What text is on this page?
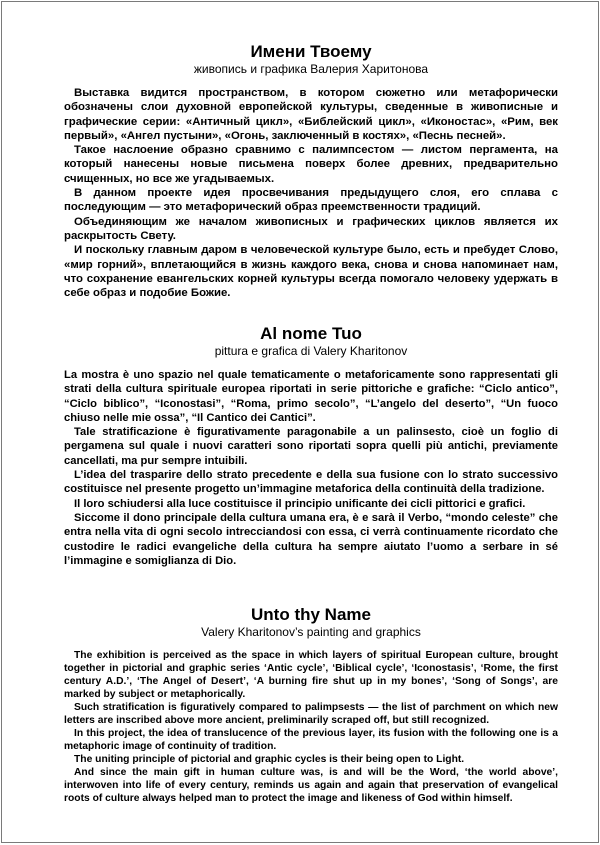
Имени Твоему
живопись и графика Валерия Харитонова

Выставка видится пространством, в котором сюжетно или метафорически обозначены слои духовной европейской культуры, сведенные в живописные и графические серии: «Античный цикл», «Библейский цикл», «Иконостас», «Рим, век первый», «Ангел пустыни», «Огонь, заключенный в костях», «Песнь песней».

Такое наслоение образно сравнимо с палимпсестом — листом пергамента, на который нанесены новые письмена поверх более древних, предварительно счищенных, но все же угадываемых.

В данном проекте идея просвечивания предыдущего слоя, его сплава с последующим — это метафорический образ преемственности традиций.

Объединяющим же началом живописных и графических циклов является их раскрытость Свету.

И поскольку главным даром в человеческой культуре было, есть и пребудет Слово, «мир горний», вплетающийся в жизнь каждого века, снова и снова напоминает нам, что сохранение евангельских корней культуры всегда помогало человеку удержать в себе образ и подобие Божие.

Al nome Tuo
pittura e grafica di Valery Kharitonov

La mostra è uno spazio nel quale tematicamente o metaforicamente sono rappresentati gli strati della cultura spirituale europea riportati in serie pittoriche e grafiche: “Ciclo antico”, “Ciclo biblico”, “Iconostasi”, “Roma, primo secolo”, “L’angelo del deserto”, “Un fuoco chiuso nelle mie ossa”, “Il Cantico dei Cantici”.

Tale stratificazione è figurativamente paragonabile a un palinsesto, cioè un foglio di pergamena sul quale i nuovi caratteri sono riportati sopra quelli più antichi, previamente cancellati, ma pur sempre intuibili.

L’idea del trasparire dello strato precedente e della sua fusione con lo strato successivo costituisce nel presente progetto un’immagine metaforica della continuità della tradizione.

Il loro schiudersi alla luce costituisce il principio unificante dei cicli pittorici e grafici.

Siccome il dono principale della cultura umana era, è e sarà il Verbo, “mondo celeste” che entra nella vita di ogni secolo intrecciandosi con essa, ci verrà continuamente ricordato che custodire le radici evangeliche della cultura ha sempre aiutato l’uomo a serbare in sé l’immagine e somiglianza di Dio.

Unto thy Name
Valery Kharitonov’s painting and graphics

The exhibition is perceived as the space in which layers of spiritual European culture, brought together in pictorial and graphic series ‘Antic cycle’, ‘Biblical cycle’, ‘Iconostasis’, ‘Rome, the first century A.D.’, ‘The Angel of Desert’, ‘A burning fire shut up in my bones’, ‘Song of Songs’, are marked by subject or metaphorically.

Such stratification is figuratively compared to palimpsests — the list of parchment on which new letters are inscribed above more ancient, preliminarily scraped off, but still recognized.

In this project, the idea of translucence of the previous layer, its fusion with the following one is a metaphoric image of continuity of tradition.

The uniting principle of pictorial and graphic cycles is their being open to Light.

And since the main gift in human culture was, is and will be the Word, ‘the world above’, interwoven into life of every century, reminds us again and again that preservation of evangelical roots of culture always helped man to protect the image and likeness of God within himself.
